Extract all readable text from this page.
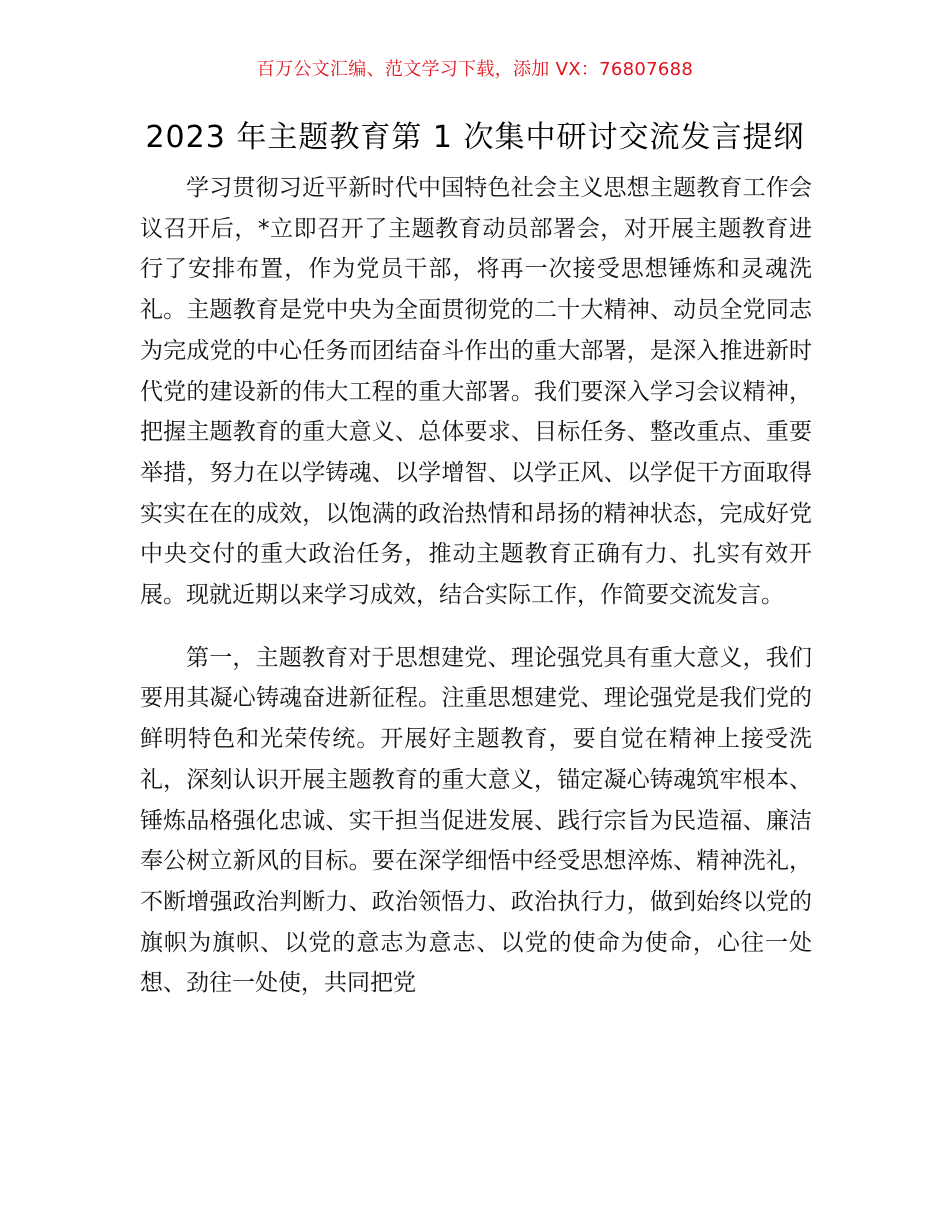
百万公文汇编、范文学习下载，添加 VX：76807688
2023 年主题教育第 1 次集中研讨交流发言提纲

学习贯彻习近平新时代中国特色社会主义思想主题教育工作会议召开后，*立即召开了主题教育动员部署会，对开展主题教育进行了安排布置，作为党员干部，将再一次接受思想锤炼和灵魂洗礼。主题教育是党中央为全面贯彻党的二十大精神、动员全党同志为完成党的中心任务而团结奋斗作出的重大部署，是深入推进新时代党的建设新的伟大工程的重大部署。我们要深入学习会议精神，把握主题教育的重大意义、总体要求、目标任务、整改重点、重要举措，努力在以学铸魂、以学增智、以学正风、以学促干方面取得实实在在的成效，以饱满的政治热情和昂扬的精神状态，完成好党中央交付的重大政治任务，推动主题教育正确有力、扎实有效开展。现就近期以来学习成效，结合实际工作，作简要交流发言。

第一，主题教育对于思想建党、理论强党具有重大意义，我们要用其凝心铸魂奋进新征程。注重思想建党、理论强党是我们党的鲜明特色和光荣传统。开展好主题教育，要自觉在精神上接受洗礼，深刻认识开展主题教育的重大意义，锚定凝心铸魂筑牢根本、锤炼品格强化忠诚、实干担当促进发展、践行宗旨为民造福、廉洁奉公树立新风的目标。要在深学细悟中经受思想淬炼、精神洗礼，不断增强政治判断力、政治领悟力、政治执行力，做到始终以党的旗帜为旗帜、以党的意志为意志、以党的使命为使命，心往一处想、劲往一处使，共同把党
